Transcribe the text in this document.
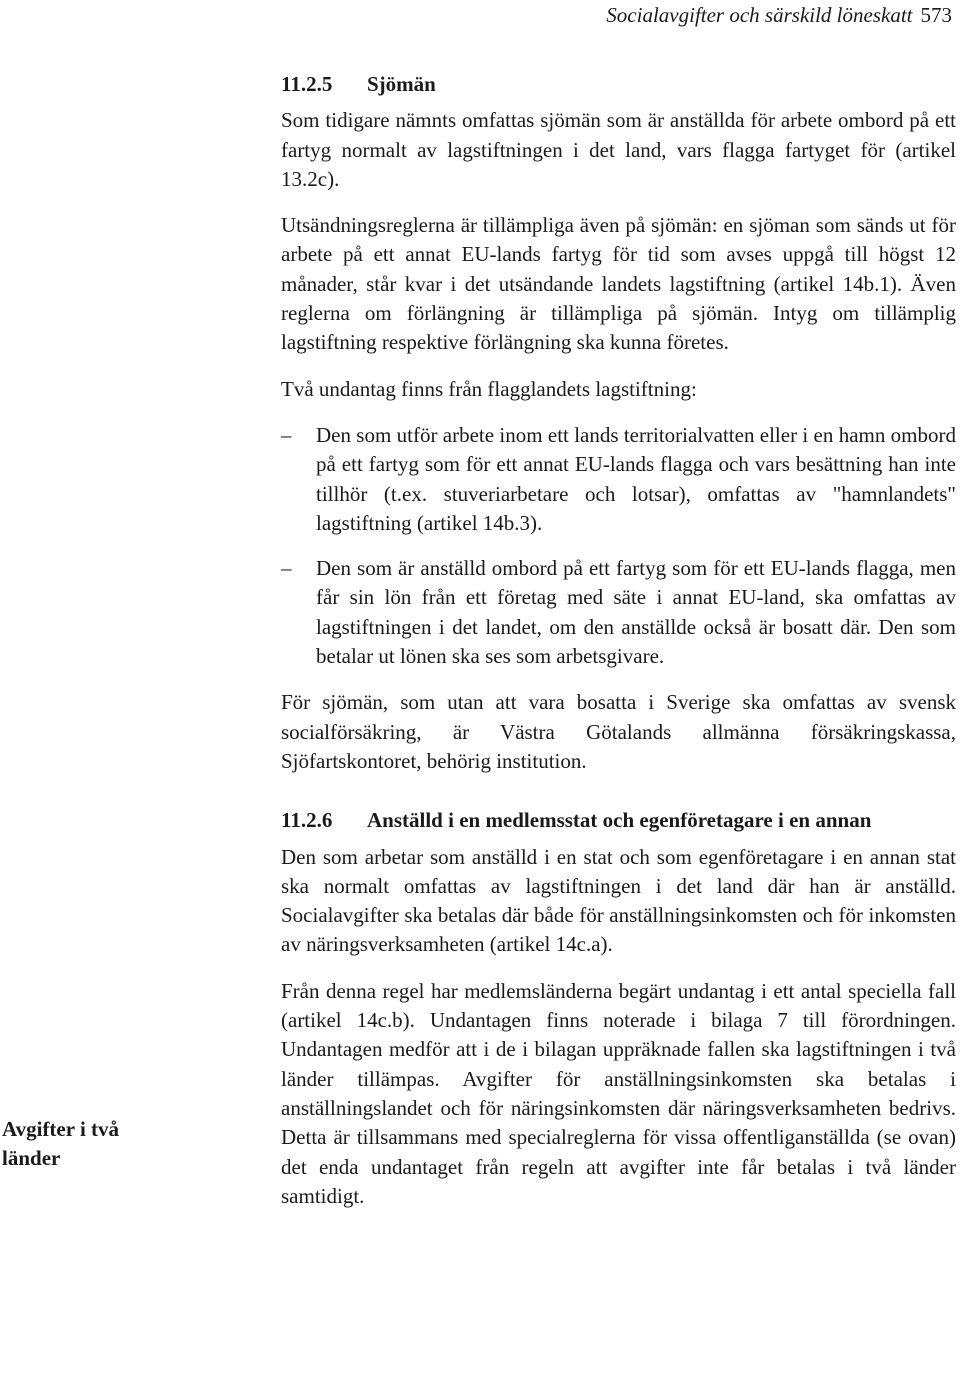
Socialavgifter och särskild löneskatt 573
11.2.5	Sjömän

Som tidigare nämnts omfattas sjömän som är anställda för arbete ombord på ett fartyg normalt av lagstiftningen i det land, vars flagga fartyget för (artikel 13.2c).

Utsändningsreglerna är tillämpliga även på sjömän: en sjöman som sänds ut för arbete på ett annat EU-lands fartyg för tid som avses uppgå till högst 12 månader, står kvar i det utsändande landets lagstiftning (artikel 14b.1). Även reglerna om förlängning är tillämpliga på sjömän. Intyg om tillämplig lagstiftning respektive förlängning ska kunna företes.

Två undantag finns från flagglandets lagstiftning:

–	Den som utför arbete inom ett lands territorialvatten eller i en hamn ombord på ett fartyg som för ett annat EU-lands flagga och vars besättning han inte tillhör (t.ex. stuveriarbetare och lotsar), omfattas av "hamnlandets" lagstiftning (artikel 14b.3).
–	Den som är anställd ombord på ett fartyg som för ett EU-lands flagga, men får sin lön från ett företag med säte i annat EU-land, ska omfattas av lagstiftningen i det landet, om den anställde också är bosatt där. Den som betalar ut lönen ska ses som arbetsgivare.

För sjömän, som utan att vara bosatta i Sverige ska omfattas av svensk socialförsäkring, är Västra Götalands allmänna försäkringskassa, Sjöfartskontoret, behörig institution.

11.2.6	Anställd i en medlemsstat och egenföretagare i en annan

Den som arbetar som anställd i en stat och som egenföretagare i en annan stat ska normalt omfattas av lagstiftningen i det land där han är anställd. Socialavgifter ska betalas där både för anställningsinkomsten och för inkomsten av näringsverksamheten (artikel 14c.a).

Från denna regel har medlemsländerna begärt undantag i ett antal speciella fall (artikel 14c.b). Undantagen finns noterade i bilaga 7 till förordningen. Undantagen medför att i de i bilagan uppräknade fallen ska lagstiftningen i två länder tillämpas. Avgifter för anställningsinkomsten ska betalas i anställningslandet och för näringsinkomsten där näringsverksamheten bedrivs. Detta är tillsammans med specialreglerna för vissa offentliganställda (se ovan) det enda undantaget från regeln att avgifter inte får betalas i två länder samtidigt.

Avgifter i två länder
